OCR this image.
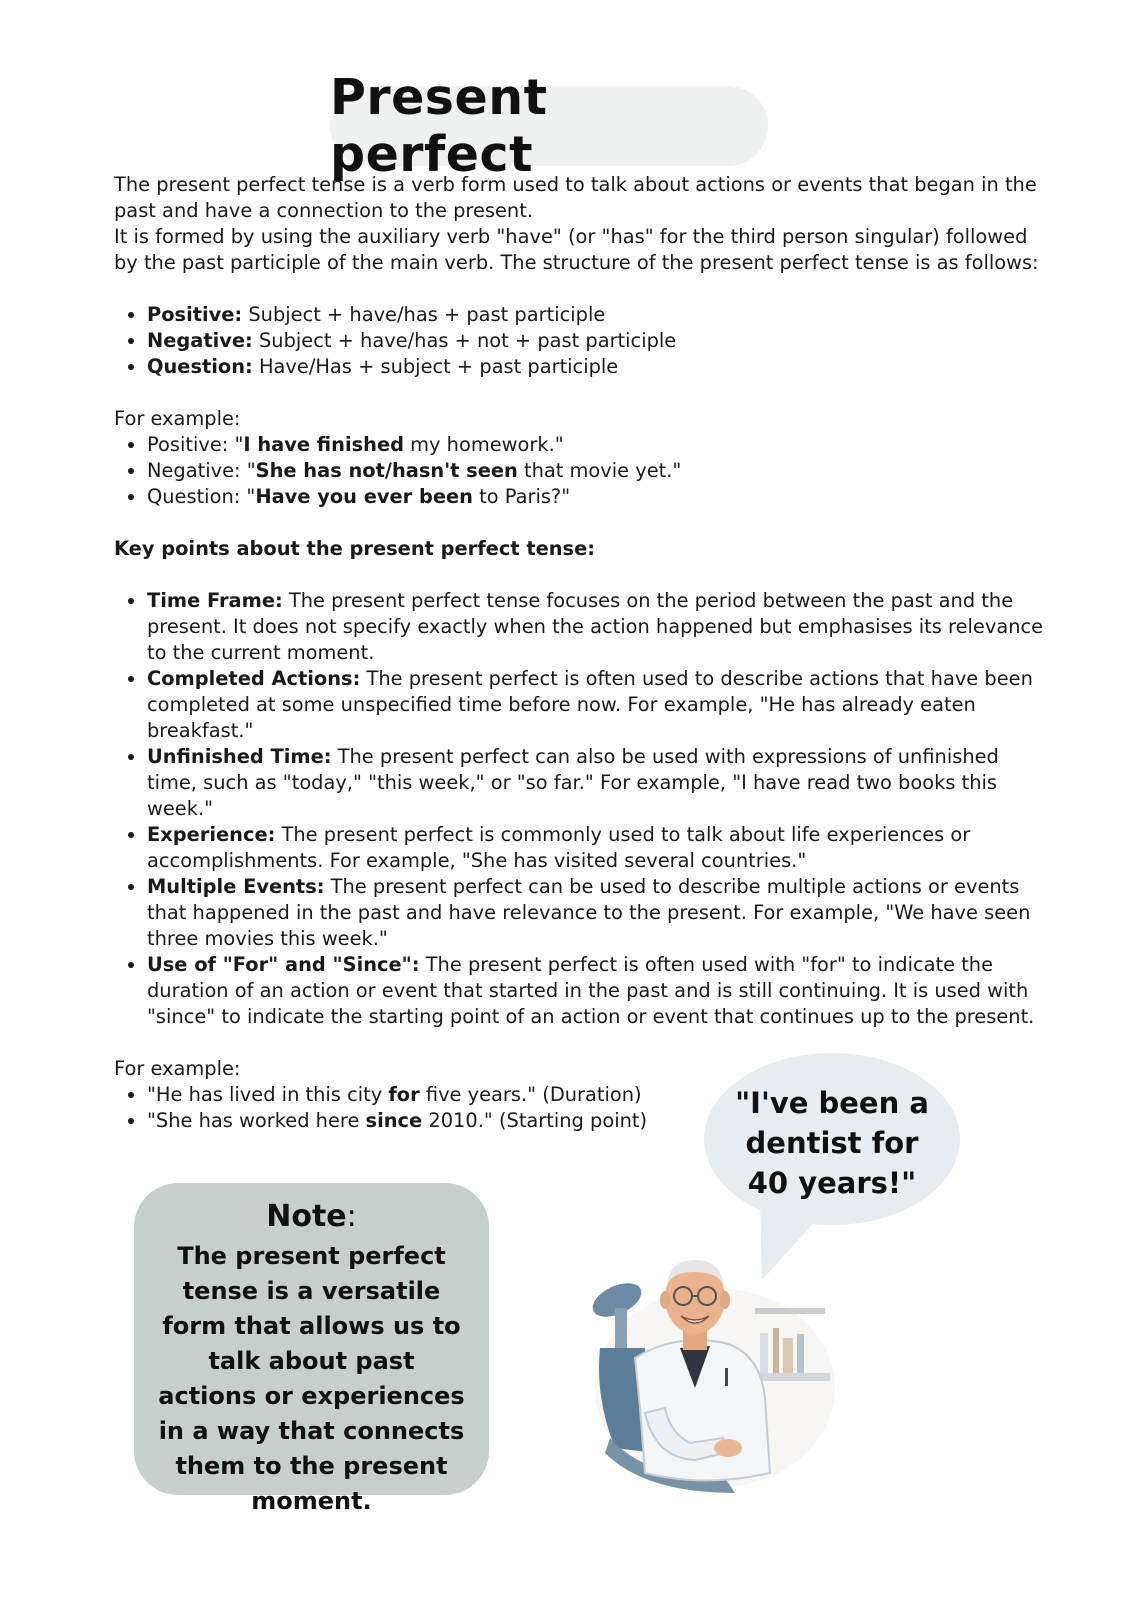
Present perfect

The present perfect tense is a verb form used to talk about actions or events that began in the past and have a connection to the present.

It is formed by using the auxiliary verb "have" (or "has" for the third person singular) followed by the past participle of the main verb. The structure of the present perfect tense is as follows:

• Positive: Subject + have/has + past participle
• Negative: Subject + have/has + not + past participle
• Question: Have/Has + subject + past participle

For example:

• Positive: "I have finished my homework."
• Negative: "She has not/hasn't seen that movie yet."
• Question: "Have you ever been to Paris?"

Key points about the present perfect tense:

• Time Frame: The present perfect tense focuses on the period between the past and the present. It does not specify exactly when the action happened but emphasises its relevance to the current moment.
• Completed Actions: The present perfect is often used to describe actions that have been completed at some unspecified time before now. For example, "He has already eaten breakfast."
• Unfinished Time: The present perfect can also be used with expressions of unfinished time, such as "today," "this week," or "so far." For example, "I have read two books this week."
• Experience: The present perfect is commonly used to talk about life experiences or accomplishments. For example, "She has visited several countries."
• Multiple Events: The present perfect can be used to describe multiple actions or events that happened in the past and have relevance to the present. For example, "We have seen three movies this week."
• Use of "For" and "Since": The present perfect is often used with "for" to indicate the duration of an action or event that started in the past and is still continuing. It is used with "since" to indicate the starting point of an action or event that continues up to the present.

For example:

• "He has lived in this city for five years." (Duration)
• "She has worked here since 2010." (Starting point)
"I've been a dentist for 40 years!"
Note:
The present perfect tense is a versatile form that allows us to talk about past actions or experiences in a way that connects them to the present moment.
